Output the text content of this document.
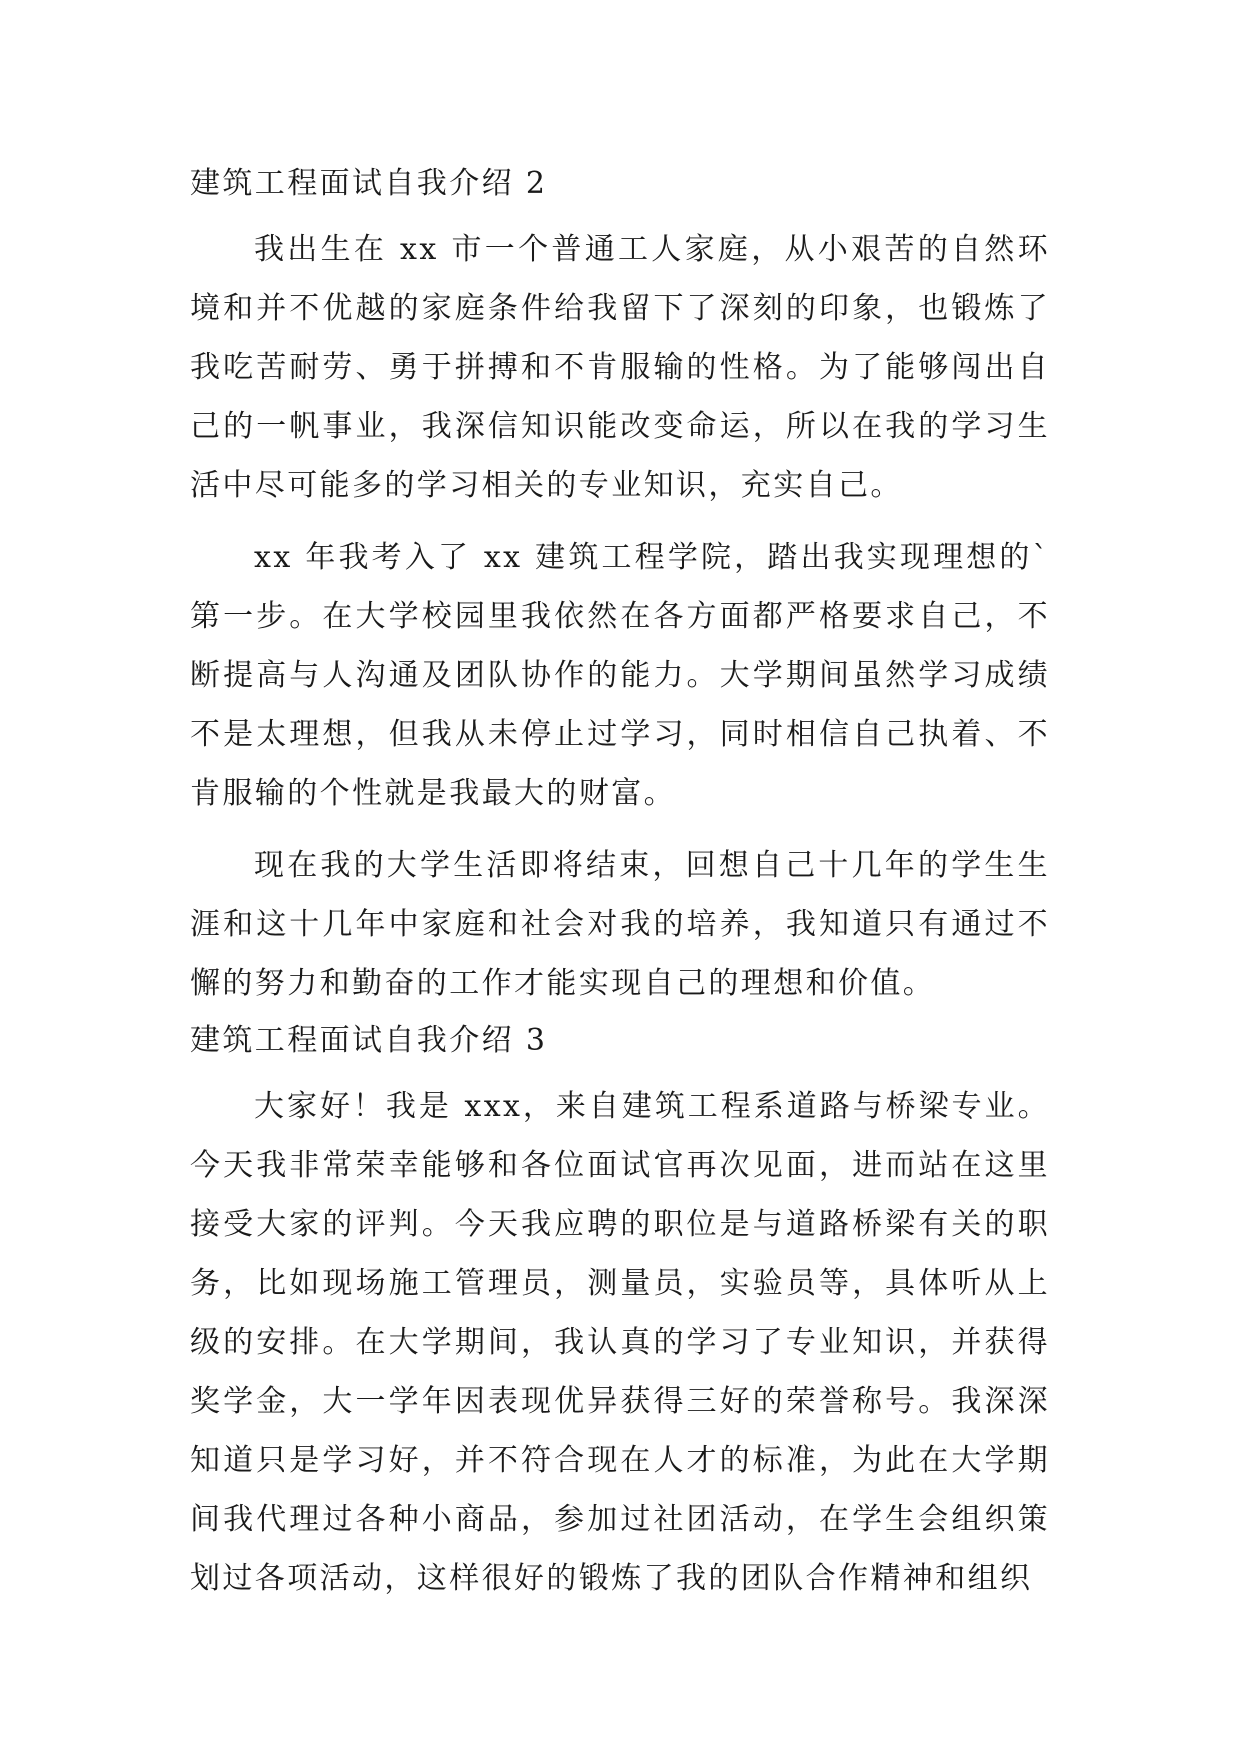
建筑工程面试自我介绍 2

我出生在 xx 市一个普通工人家庭，从小艰苦的自然环境和并不优越的家庭条件给我留下了深刻的印象，也锻炼了我吃苦耐劳、勇于拼搏和不肯服输的性格。为了能够闯出自己的一帆事业，我深信知识能改变命运，所以在我的学习生活中尽可能多的学习相关的专业知识，充实自己。

xx 年我考入了 xx 建筑工程学院，踏出我实现理想的`第一步。在大学校园里我依然在各方面都严格要求自己，不断提高与人沟通及团队协作的能力。大学期间虽然学习成绩不是太理想，但我从未停止过学习，同时相信自己执着、不肯服输的个性就是我最大的财富。

现在我的大学生活即将结束，回想自己十几年的学生生涯和这十几年中家庭和社会对我的培养，我知道只有通过不懈的努力和勤奋的工作才能实现自己的理想和价值。

建筑工程面试自我介绍 3

大家好！我是 xxx，来自建筑工程系道路与桥梁专业。今天我非常荣幸能够和各位面试官再次见面，进而站在这里接受大家的评判。今天我应聘的职位是与道路桥梁有关的职务，比如现场施工管理员，测量员，实验员等，具体听从上级的安排。在大学期间，我认真的学习了专业知识，并获得奖学金，大一学年因表现优异获得三好的荣誉称号。我深深知道只是学习好，并不符合现在人才的标准，为此在大学期间我代理过各种小商品，参加过社团活动，在学生会组织策划过各项活动，这样很好的锻炼了我的团队合作精神和组织
